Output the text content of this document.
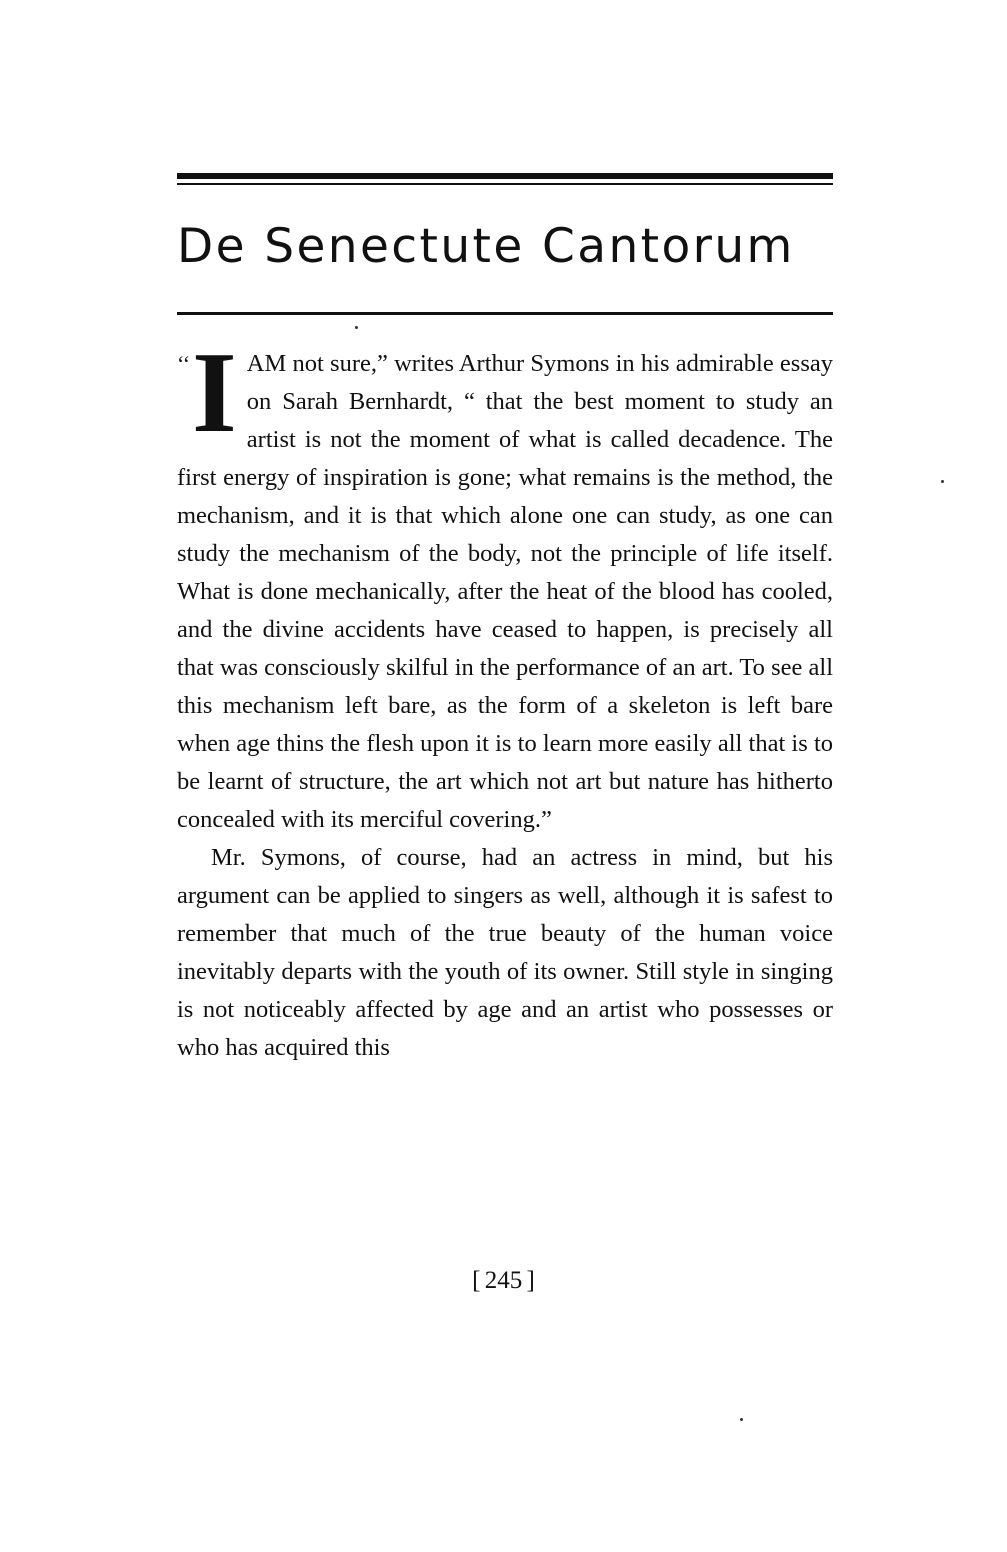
De Senectute Cantorum

‘‘ I AM not sure,” writes Arthur Symons in his admirable essay on Sarah Bernhardt, “ that the best moment to study an artist is not the moment of what is called decadence. The first energy of inspiration is gone; what remains is the method, the mechanism, and it is that which alone one can study, as one can study the mechanism of the body, not the principle of life itself. What is done mechanically, after the heat of the blood has cooled, and the divine accidents have ceased to happen, is precisely all that was consciously skilful in the performance of an art. To see all this mechanism left bare, as the form of a skeleton is left bare when age thins the flesh upon it is to learn more easily all that is to be learnt of structure, the art which not art but nature has hitherto concealed with its merciful covering.”

Mr. Symons, of course, had an actress in mind, but his argument can be applied to singers as well, although it is safest to remember that much of the true beauty of the human voice inevitably departs with the youth of its owner. Still style in singing is not noticeably affected by age and an artist who possesses or who has acquired this

[ 245 ]
